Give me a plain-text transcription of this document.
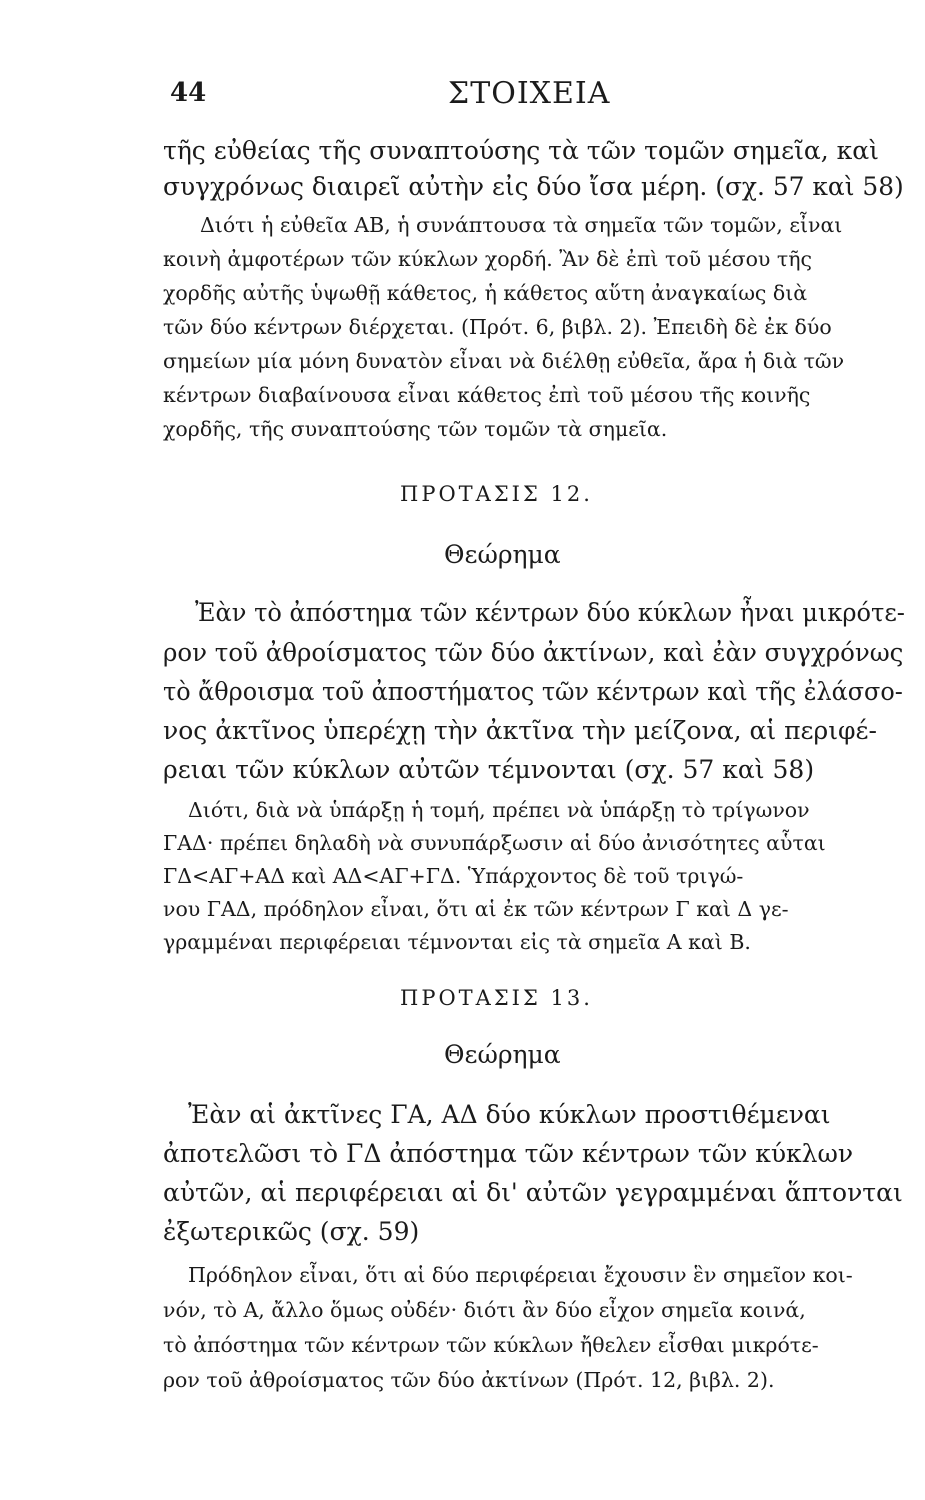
44	ΣΤΟΙΧΕΙΑ
τῆς εὐθείας τῆς συναπτούσης τὰ τῶν τομῶν σημεῖα, καὶ
συγχρόνως διαιρεῖ αὐτὴν εἰς δύο ἴσα μέρη. (σχ. 57 καὶ 58)
Διότι ἡ εὐθεῖα ΑΒ, ἡ συνάπτουσα τὰ σημεῖα τῶν τομῶν, εἶναι
κοινὴ ἀμφοτέρων τῶν κύκλων χορδή. Ἂν δὲ ἐπὶ τοῦ μέσου τῆς
χορδῆς αὐτῆς ὑψωθῇ κάθετος, ἡ κάθετος αὕτη ἀναγκαίως διὰ
τῶν δύο κέντρων διέρχεται. (Πρότ. 6, βιβλ. 2). Ἐπειδὴ δὲ ἐκ δύο
σημείων μία μόνη δυνατὸν εἶναι νὰ διέλθῃ εὐθεῖα, ἄρα ἡ διὰ τῶν
κέντρων διαβαίνουσα εἶναι κάθετος ἐπὶ τοῦ μέσου τῆς κοινῆς
χορδῆς, τῆς συναπτούσης τῶν τομῶν τὰ σημεῖα.
ΠΡΟΤΑΣΙΣ 12.
Θεώρημα
Ἐὰν τὸ ἀπόστημα τῶν κέντρων δύο κύκλων ἦναι μικρότε-
ρον τοῦ ἀθροίσματος τῶν δύο ἀκτίνων, καὶ ἐὰν συγχρόνως
τὸ ἄθροισμα τοῦ ἀποστήματος τῶν κέντρων καὶ τῆς ἐλάσσο-
νος ἀκτῖνος ὑπερέχῃ τὴν ἀκτῖνα τὴν μείζονα, αἱ περιφέ-
ρειαι τῶν κύκλων αὐτῶν τέμνονται (σχ. 57 καὶ 58)
Διότι, διὰ νὰ ὑπάρξῃ ἡ τομή, πρέπει νὰ ὑπάρξῃ τὸ τρίγωνον
ΓΑΔ· πρέπει δηλαδὴ νὰ συνυπάρξωσιν αἱ δύο ἀνισότητες αὗται
ΓΔ<ΑΓ+ΑΔ καὶ ΑΔ<ΑΓ+ΓΔ. Ὑπάρχοντος δὲ τοῦ τριγώ-
νου ΓΑΔ, πρόδηλον εἶναι, ὅτι αἱ ἐκ τῶν κέντρων Γ καὶ Δ γε-
γραμμέναι περιφέρειαι τέμνονται εἰς τὰ σημεῖα Α καὶ Β.
ΠΡΟΤΑΣΙΣ 13.
Θεώρημα
Ἐὰν αἱ ἀκτῖνες ΓΑ, ΑΔ δύο κύκλων προστιθέμεναι
ἀποτελῶσι τὸ ΓΔ ἀπόστημα τῶν κέντρων τῶν κύκλων
αὐτῶν, αἱ περιφέρειαι αἱ δι' αὐτῶν γεγραμμέναι ἅπτονται
ἐξωτερικῶς (σχ. 59)
Πρόδηλον εἶναι, ὅτι αἱ δύο περιφέρειαι ἔχουσιν ἓν σημεῖον κοι-
νόν, τὸ Α, ἄλλο ὅμως οὐδέν· διότι ἂν δύο εἶχον σημεῖα κοινά,
τὸ ἀπόστημα τῶν κέντρων τῶν κύκλων ἤθελεν εἶσθαι μικρότε-
ρον τοῦ ἀθροίσματος τῶν δύο ἀκτίνων (Πρότ. 12, βιβλ. 2).
